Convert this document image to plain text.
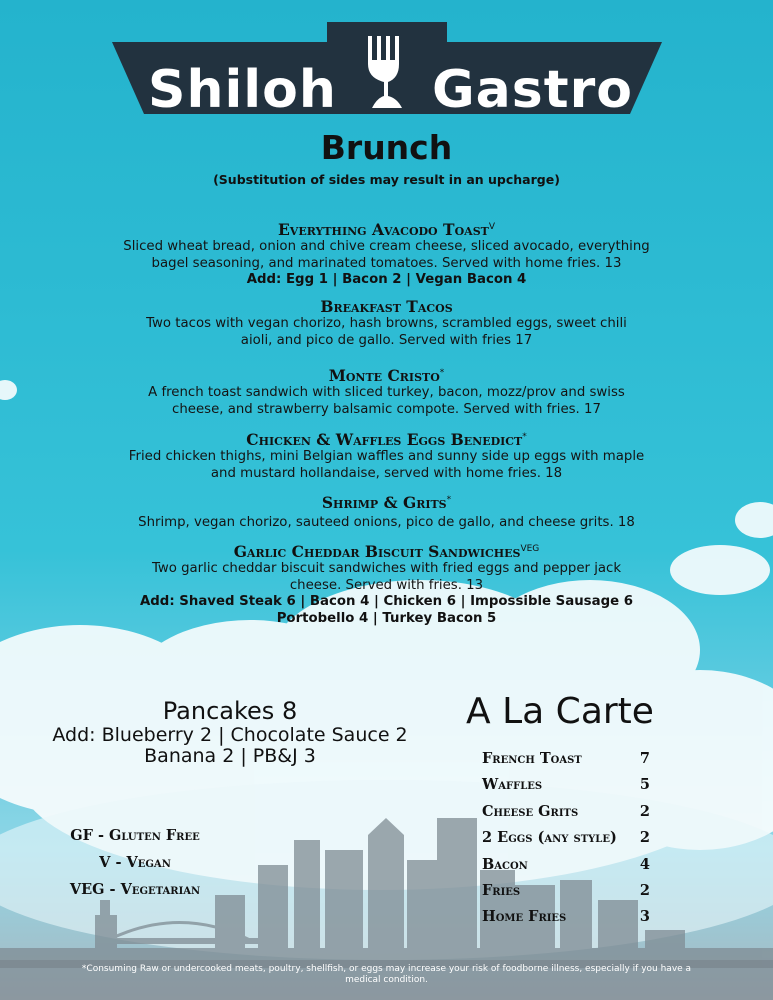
Shiloh Gastro
Brunch
(Substitution of sides may result in an upcharge)
Everything Avacodo Toast$^V$
Sliced wheat bread, onion and chive cream cheese, sliced avocado, everything
bagel seasoning, and marinated tomatoes. Served with home fries. 13
Add: Egg 1 | Bacon 2 | Vegan Bacon 4
Breakfast Tacos
Two tacos with vegan chorizo, hash browns, scrambled eggs, sweet chili
aioli, and pico de gallo. Served with fries 17
Monte Cristo*
A french toast sandwich with sliced turkey, bacon, mozz/prov and swiss
cheese, and strawberry balsamic compote. Served with fries. 17
Chicken & Waffles Eggs Benedict*
Fried chicken thighs, mini Belgian waffles and sunny side up eggs with maple
and mustard hollandaise, served with home fries. 18
Shrimp & Grits*
Shrimp, vegan chorizo, sauteed onions, pico de gallo, and cheese grits. 18
Garlic Cheddar Biscuit Sandwiches$^{VEG}$
Two garlic cheddar biscuit sandwiches with fried eggs and pepper jack
cheese. Served with fries. 13
Add: Shaved Steak 6 | Bacon 4 | Chicken 6 | Impossible Sausage 6
Portobello 4 | Turkey Bacon 5
Pancakes 8
Add: Blueberry 2 | Chocolate Sauce 2
Banana 2 | PB&J 3
GF - Gluten Free
V - Vegan
VEG - Vegetarian
A La Carte
French Toast	7
Waffles	5
Cheese Grits	2
2 Eggs (any style) 2
Bacon	4
Fries	2
Home Fries	3
*Consuming Raw or undercooked meats, poultry, shellfish, or eggs may increase your risk of foodborne illness, especially if you have a medical condition.
